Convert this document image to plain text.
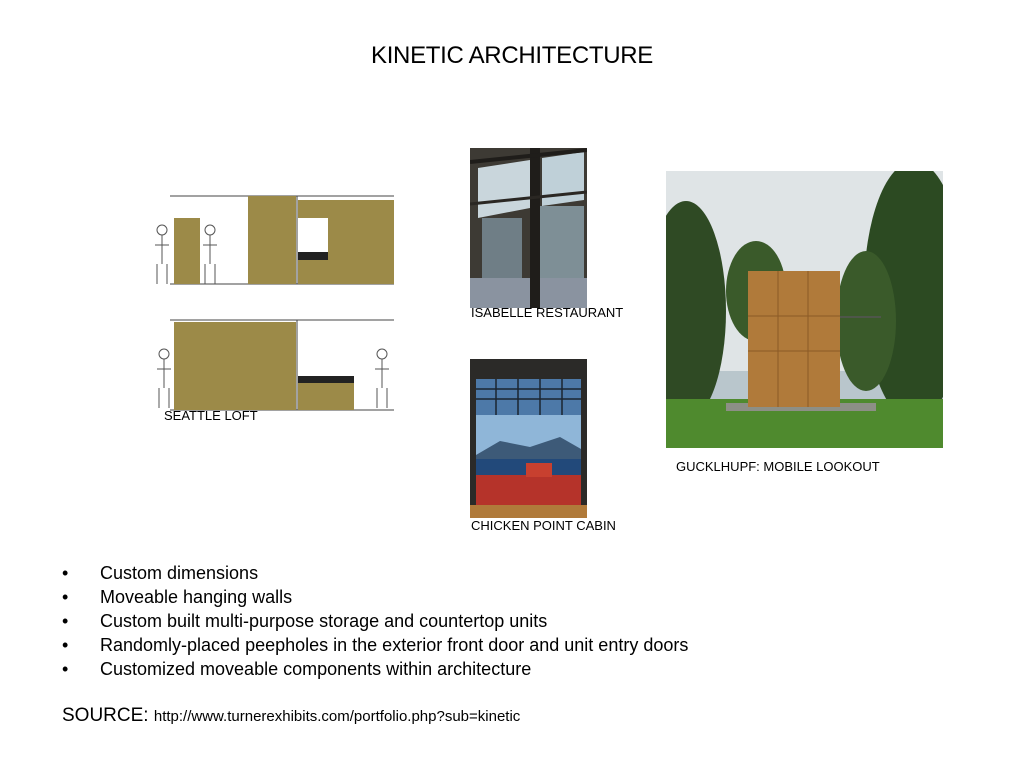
KINETIC ARCHITECTURE
SEATTLE LOFT
ISABELLE RESTAURANT
CHICKEN POINT CABIN
GUCKLHUPF: MOBILE LOOKOUT
• Custom dimensions
• Moveable hanging walls
• Custom built multi-purpose storage and countertop units
• Randomly-placed peepholes in the exterior front door and unit entry doors
• Customized moveable components within architecture
SOURCE: http://www.turnerexhibits.com/portfolio.php?sub=kinetic
